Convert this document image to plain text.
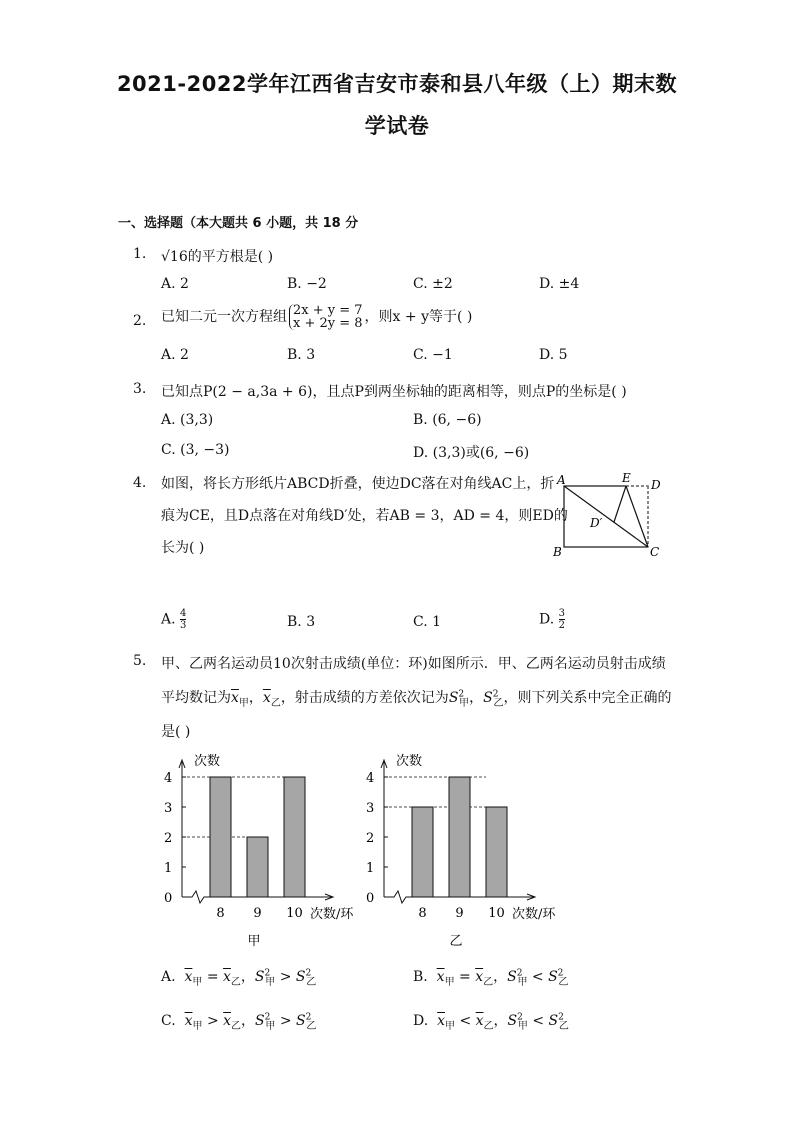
2021-2022学年江西省吉安市泰和县八年级（上）期末数
学试卷
一、选择题（本大题共 6 小题，共 18 分
1. √16的平方根是( )
A. 2	B. −2	C. ±2	D. ±4
2. 已知二元一次方程组 2x + y = 7
x + 2y = 8 ，则x + y等于( )
A. 2	B. 3	C. −1	D. 5
3. 已知点P(2 − a,3a + 6)，且点P到两坐标轴的距离相等，则点P的坐标是( )
A. (3,3)	B. (6, −6)
C. (3, −3)	D. (3,3)或(6, −6)
4. 如图，将长方形纸片ABCD折叠，使边DC落在对角线AC上，折
痕为CE，且D点落在对角线D′处，若AB = 3，AD = 4，则ED的
长为( )
A	E D
D′
B	C
A. $\frac{4}{3}$	B. 3	C. 1	D. $\frac{3}{2}$
5. 甲、乙两名运动员10次射击成绩(单位：环)如图所示．甲、乙两名运动员射击成绩
平均数记为$\overline{x}_甲$，$\overline{x}_乙$，射击成绩的方差依次记为$S^2_甲$，$S^2_乙$，则下列关系中完全正确的
是( )
次数
0
1
2
3
4
8 9 10 次数/环
甲
次数
0
1
2
3
4
8 9 10 次数/环
乙
A. $\overline{x}_甲 = \overline{x}_乙$，$S^2_甲 > S^2_乙$	B. $\overline{x}_甲 = \overline{x}_乙$，$S^2_甲 < S^2_乙$
C. $\overline{x}_甲 > \overline{x}_乙$，$S^2_甲 > S^2_乙$	D. $\overline{x}_甲 < \overline{x}_乙$，$S^2_甲 < S^2_乙$
